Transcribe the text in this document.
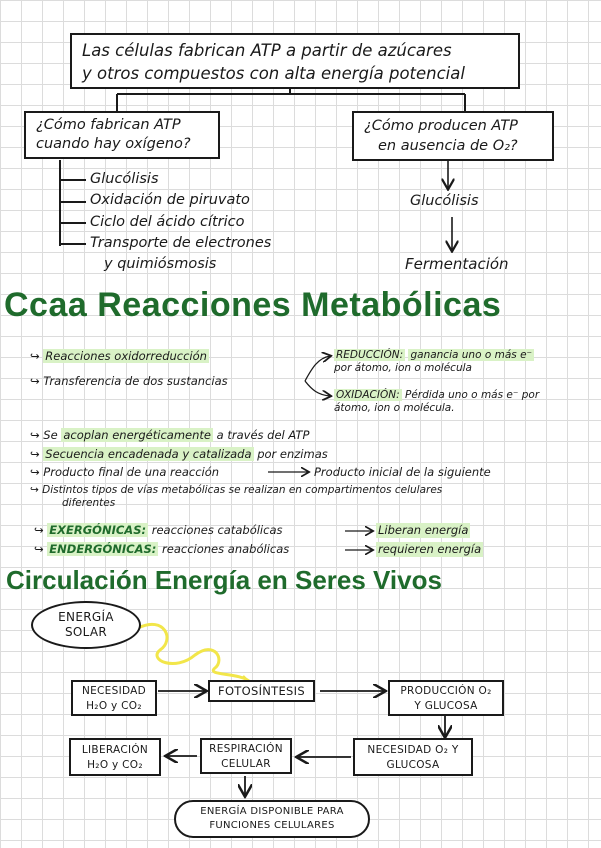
Las células fabrican ATP a partir de azúcares
y otros compuestos con alta energía potencial
¿Cómo fabrican ATP
cuando hay oxígeno?
¿Cómo producen ATP
en ausencia de O₂?
Glucólisis
Oxidación de piruvato
Ciclo del ácido cítrico
Transporte de electrones
y quimiósmosis
Glucólisis
Fermentación
Ccaa Reacciones Metabólicas
↪ Reacciones oxidorreducción
↪ Transferencia de dos sustancias
REDUCCIÓN: ganancia uno o más e⁻
por átomo, ion o molécula
OXIDACIÓN: Pérdida uno o más e⁻ por
átomo, ion o molécula.
↪ Se acoplan energéticamente a través del ATP
↪ Secuencia encadenada y catalizada por enzimas
↪ Producto final de una reacción	Producto inicial de la siguiente
↪ Distintos tipos de vías metabólicas se realizan en compartimentos celulares
diferentes
↪ EXERGÓNICAS: reacciones catabólicas	Liberan energía
↪ ENDERGÓNICAS: reacciones anabólicas	requieren energía
Circulación Energía en Seres Vivos
ENERGÍA
SOLAR
NECESIDAD
H₂O y CO₂
FOTOSÍNTESIS	PRODUCCIÓN O₂
Y GLUCOSA
LIBERACIÓN
H₂O y CO₂
RESPIRACIÓN
CELULAR
NECESIDAD O₂ Y
GLUCOSA
ENERGÍA DISPONIBLE PARA
FUNCIONES CELULARES
